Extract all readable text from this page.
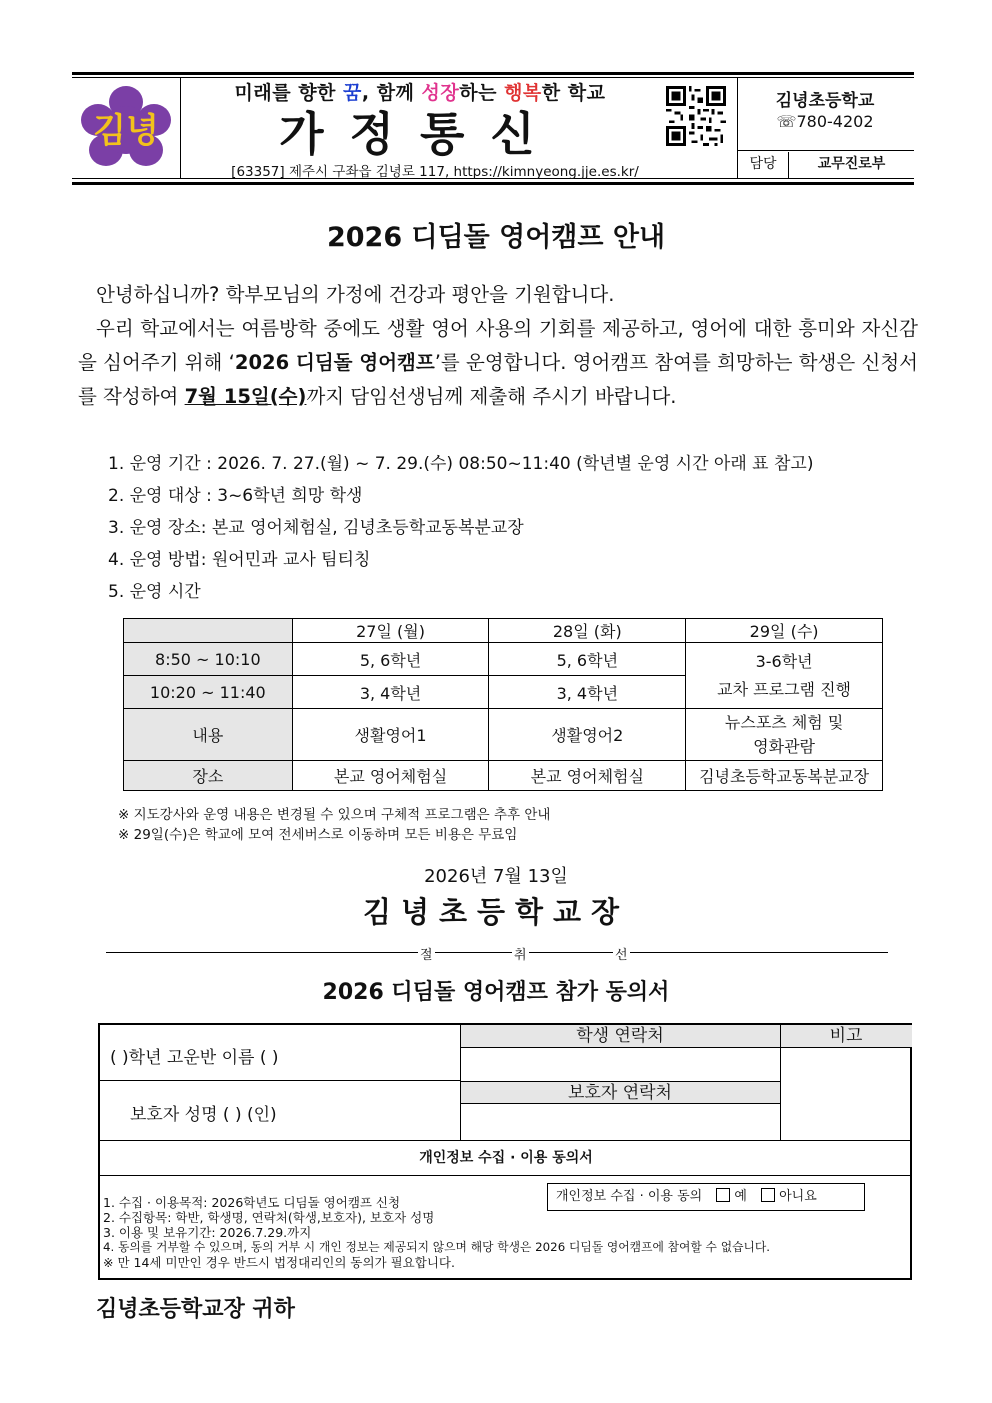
김녕
미래를 향한 꿈, 함께 성장하는 행복한 학교
가정통신
[63357] 제주시 구좌읍 김녕로 117, https://kimnyeong.jje.es.kr/
김녕초등학교
☏780-4202
담당	교무진로부
2026 디딤돌 영어캠프 안내
안녕하십니까? 학부모님의 가정에 건강과 평안을 기원합니다.
우리 학교에서는 여름방학 중에도 생활 영어 사용의 기회를 제공하고, 영어에 대한 흥미와 자신감을 심어주기 위해 ‘2026 디딤돌 영어캠프’를 운영합니다. 영어캠프 참여를 희망하는 학생은 신청서를 작성하여 7월 15일(수)까지 담임선생님께 제출해 주시기 바랍니다.
1. 운영 기간 : 2026. 7. 27.(월) ~ 7. 29.(수) 08:50~11:40 (학년별 운영 시간 아래 표 참고)
2. 운영 대상 : 3~6학년 희망 학생
3. 운영 장소: 본교 영어체험실, 김녕초등학교동복분교장
4. 운영 방법: 원어민과 교사 팀티칭
5. 운영 시간
	27일 (월)	28일 (화)	29일 (수)
8:50 ~ 10:10	5, 6학년	5, 6학년	3-6학년
교차 프로그램 진행
10:20 ~ 11:40	3, 4학년	3, 4학년	
내용	생활영어1	생활영어2	뉴스포츠 체험 및
영화관람
장소	본교 영어체험실	본교 영어체험실	김녕초등학교동복분교장
※ 지도강사와 운영 내용은 변경될 수 있으며 구체적 프로그램은 추후 안내
※ 29일(수)은 학교에 모여 전세버스로 이동하며 모든 비용은 무료임
2026년 7월 13일
김녕초등학교장
절	취	선
2026 디딤돌 영어캠프 참가 동의서
( )학년 고운반 이름 ( )
보호자 성명 ( ) (인)
학생 연락처	비고
보호자 연락처
개인정보 수집 · 이용 동의서
1. 수집 · 이용목적: 2026학년도 디딤돌 영어캠프 신청
2. 수집항목: 학반, 학생명, 연락처(학생,보호자), 보호자 성명
3. 이용 및 보유기간: 2026.7.29.까지
4. 동의를 거부할 수 있으며, 동의 거부 시 개인 정보는 제공되지 않으며 해당 학생은 2026 디딤돌 영어캠프에 참여할 수 없습니다.
※ 만 14세 미만인 경우 반드시 법정대리인의 동의가 필요합니다.
개인정보 수집 · 이용 동의 예 아니요
김녕초등학교장 귀하
